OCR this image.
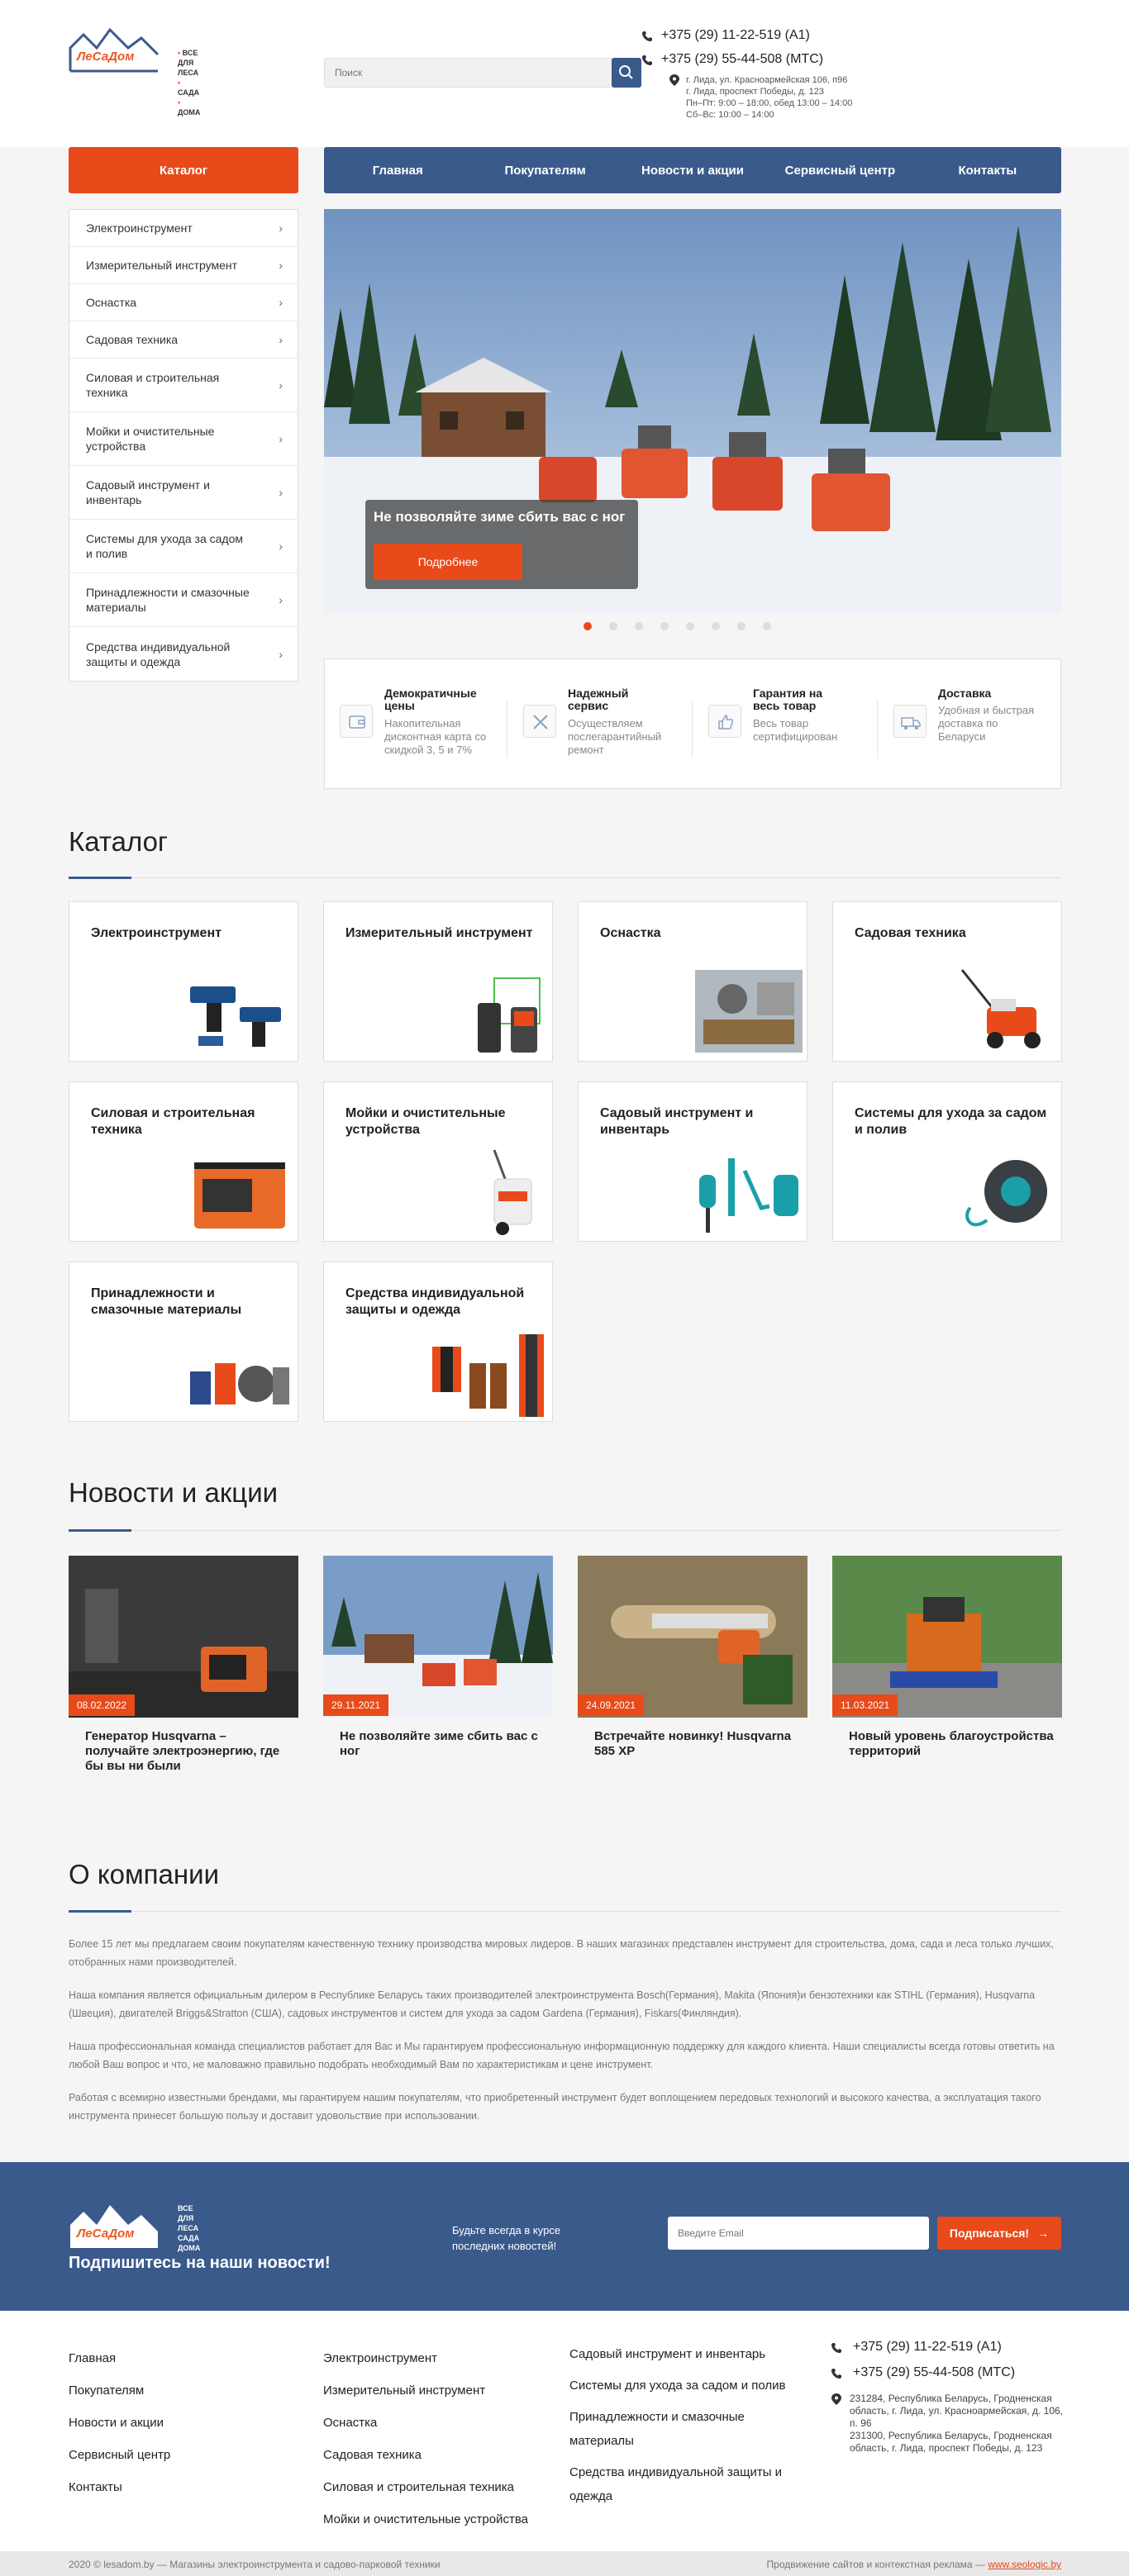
ЛеСаДом
•	ВСЕ ДЛЯ ЛЕСА
• САДА
• ДОМА
Поиск
+375 (29) 11-22-519 (А1)
+375 (29) 55-44-508 (МТС)
г. Лида, ул. Красноармейская 106, п96
г. Лида, проспект Победы, д. 123
Пн–Пт: 9:00 – 18:00, обед 13:00 – 14:00
Сб–Вс: 10:00 – 14:00
Каталог	Главная	Покупателям	Новости и акции	Сервисный центр	Контакты
Электроинструмент	›
Измерительный инструмент	›
Оснастка	›
Садовая техника	›
Силовая и строительная техника
›
Мойки и очистительные устройства
›
Садовый инструмент и инвентарь
›
Системы для ухода за садом и полив
›
Принадлежности и смазочные материалы
›
Средства индивидуальной защиты и одежда
›
Не позволяйте зиме сбить вас с ног
Подробнее
Демократичные цены
Накопительная дисконтная карта со скидкой 3, 5 и 7%
Надежный сервис
Осуществляем послегарантийный ремонт
Гарантия на весь товар
Весь товар сертифицирован
Доставка
Удобная и быстрая доставка по Беларуси
Каталог
Электроинструмент	Измерительный инструмент	Оснастка	Садовая техника
Силовая и строительная техника
Мойки и очистительные устройства
Садовый инструмент и инвентарь
Системы для ухода за садом и полив
Принадлежности и смазочные материалы
Средства индивидуальной защиты и одежда
Новости и акции
08.02.2022
Генератор Husqvarna – получайте электроэнергию, где бы вы ни были
29.11.2021
Не позволяйте зиме сбить вас с ног
24.09.2021
Встречайте новинку! Husqvarna 585 XP
11.03.2021
Новый уровень благоустройства территорий
О компании

Более 15 лет мы предлагаем своим покупателям качественную технику производства мировых лидеров. В наших магазинах представлен инструмент для строительства, дома, сада и леса только лучших, отобранных нами производителей.

Наша компания является официальным дилером в Республике Беларусь таких производителей электроинструмента Bosch(Германия), Makita (Япония)и бензотехники как STIHL (Германия), Husqvarna (Швеция), двигателей Briggs&Stratton (США), садовых инструментов и систем для ухода за садом Gardena (Германия), Fiskars(Финляндия).

Наша профессиональная команда специалистов работает для Вас и Мы гарантируем профессиональную информационную поддержку для каждого клиента. Наши специалисты всегда готовы ответить на любой Ваш вопрос и что, не маловажно правильно подобрать необходимый Вам по характеристикам и цене инструмент.

Работая с всемирно известными брендами, мы гарантируем нашим покупателям, что приобретенный инструмент будет воплощением передовых технологий и высокого качества, а эксплуатация такого инструмента принесет большую пользу и доставит удовольствие при использовании.

ЛеСаДом
ВСЕ ДЛЯ ЛЕСА
САДА
ДОМА
Подпишитесь на наши новости!
Будьте всегда в курсе последних новостей!
Введите Email
Подписаться! →
Главная
Покупателям
Новости и акции
Сервисный центр
Контакты
Электроинструмент
Измерительный инструмент
Оснастка
Садовая техника
Силовая и строительная техника
Мойки и очистительные устройства
Садовый инструмент и инвентарь
Системы для ухода за садом и полив
Принадлежности и смазочные материалы
Средства индивидуальной защиты и одежда
+375 (29) 11-22-519 (А1)
+375 (29) 55-44-508 (МТС)
231284, Республика Беларусь, Гродненская область, г. Лида, ул. Красноармейская, д. 106, п. 96
231300, Республика Беларусь, Гродненская область, г. Лида, проспект Победы, д. 123
2020 © lesadom.by — Магазины электроинструмента и садово-парковой техники	Продвижение сайтов и контекстная реклама — www.seologic.by
